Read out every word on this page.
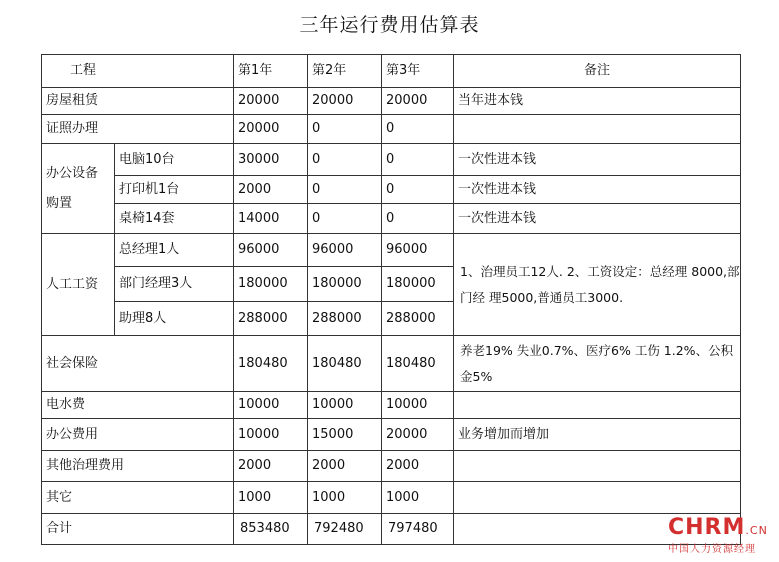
三年运行费用估算表
工程		第1年	第2年	第3年	备注
房屋租赁		20000	20000	20000	当年进本钱
证照办理		20000	0	0	
办公设备购置	电脑10台	30000	0	0	一次性进本钱
	打印机1台	2000	0	0	一次性进本钱
	桌椅14套	14000	0	0	一次性进本钱
人工工资	总经理1人	96000	96000	96000	1、治理员工12人. 2、工资设定：总经理 8000,部门经 理5000,普通员工3000.
	部门经理3人	180000	180000	180000	
	助理8人	288000	288000	288000	
社会保险		180480	180480	180480	养老19% 失业0.7%、医疗6% 工伤 1.2%、公积金5%
电水费		10000	10000	10000	
办公费用		10000	15000	20000	业务增加而增加
其他治理费用		2000	2000	2000	
其它		1000	1000	1000	
合计		853480	792480	797480		CHRM.CN
中国人力资源经理
